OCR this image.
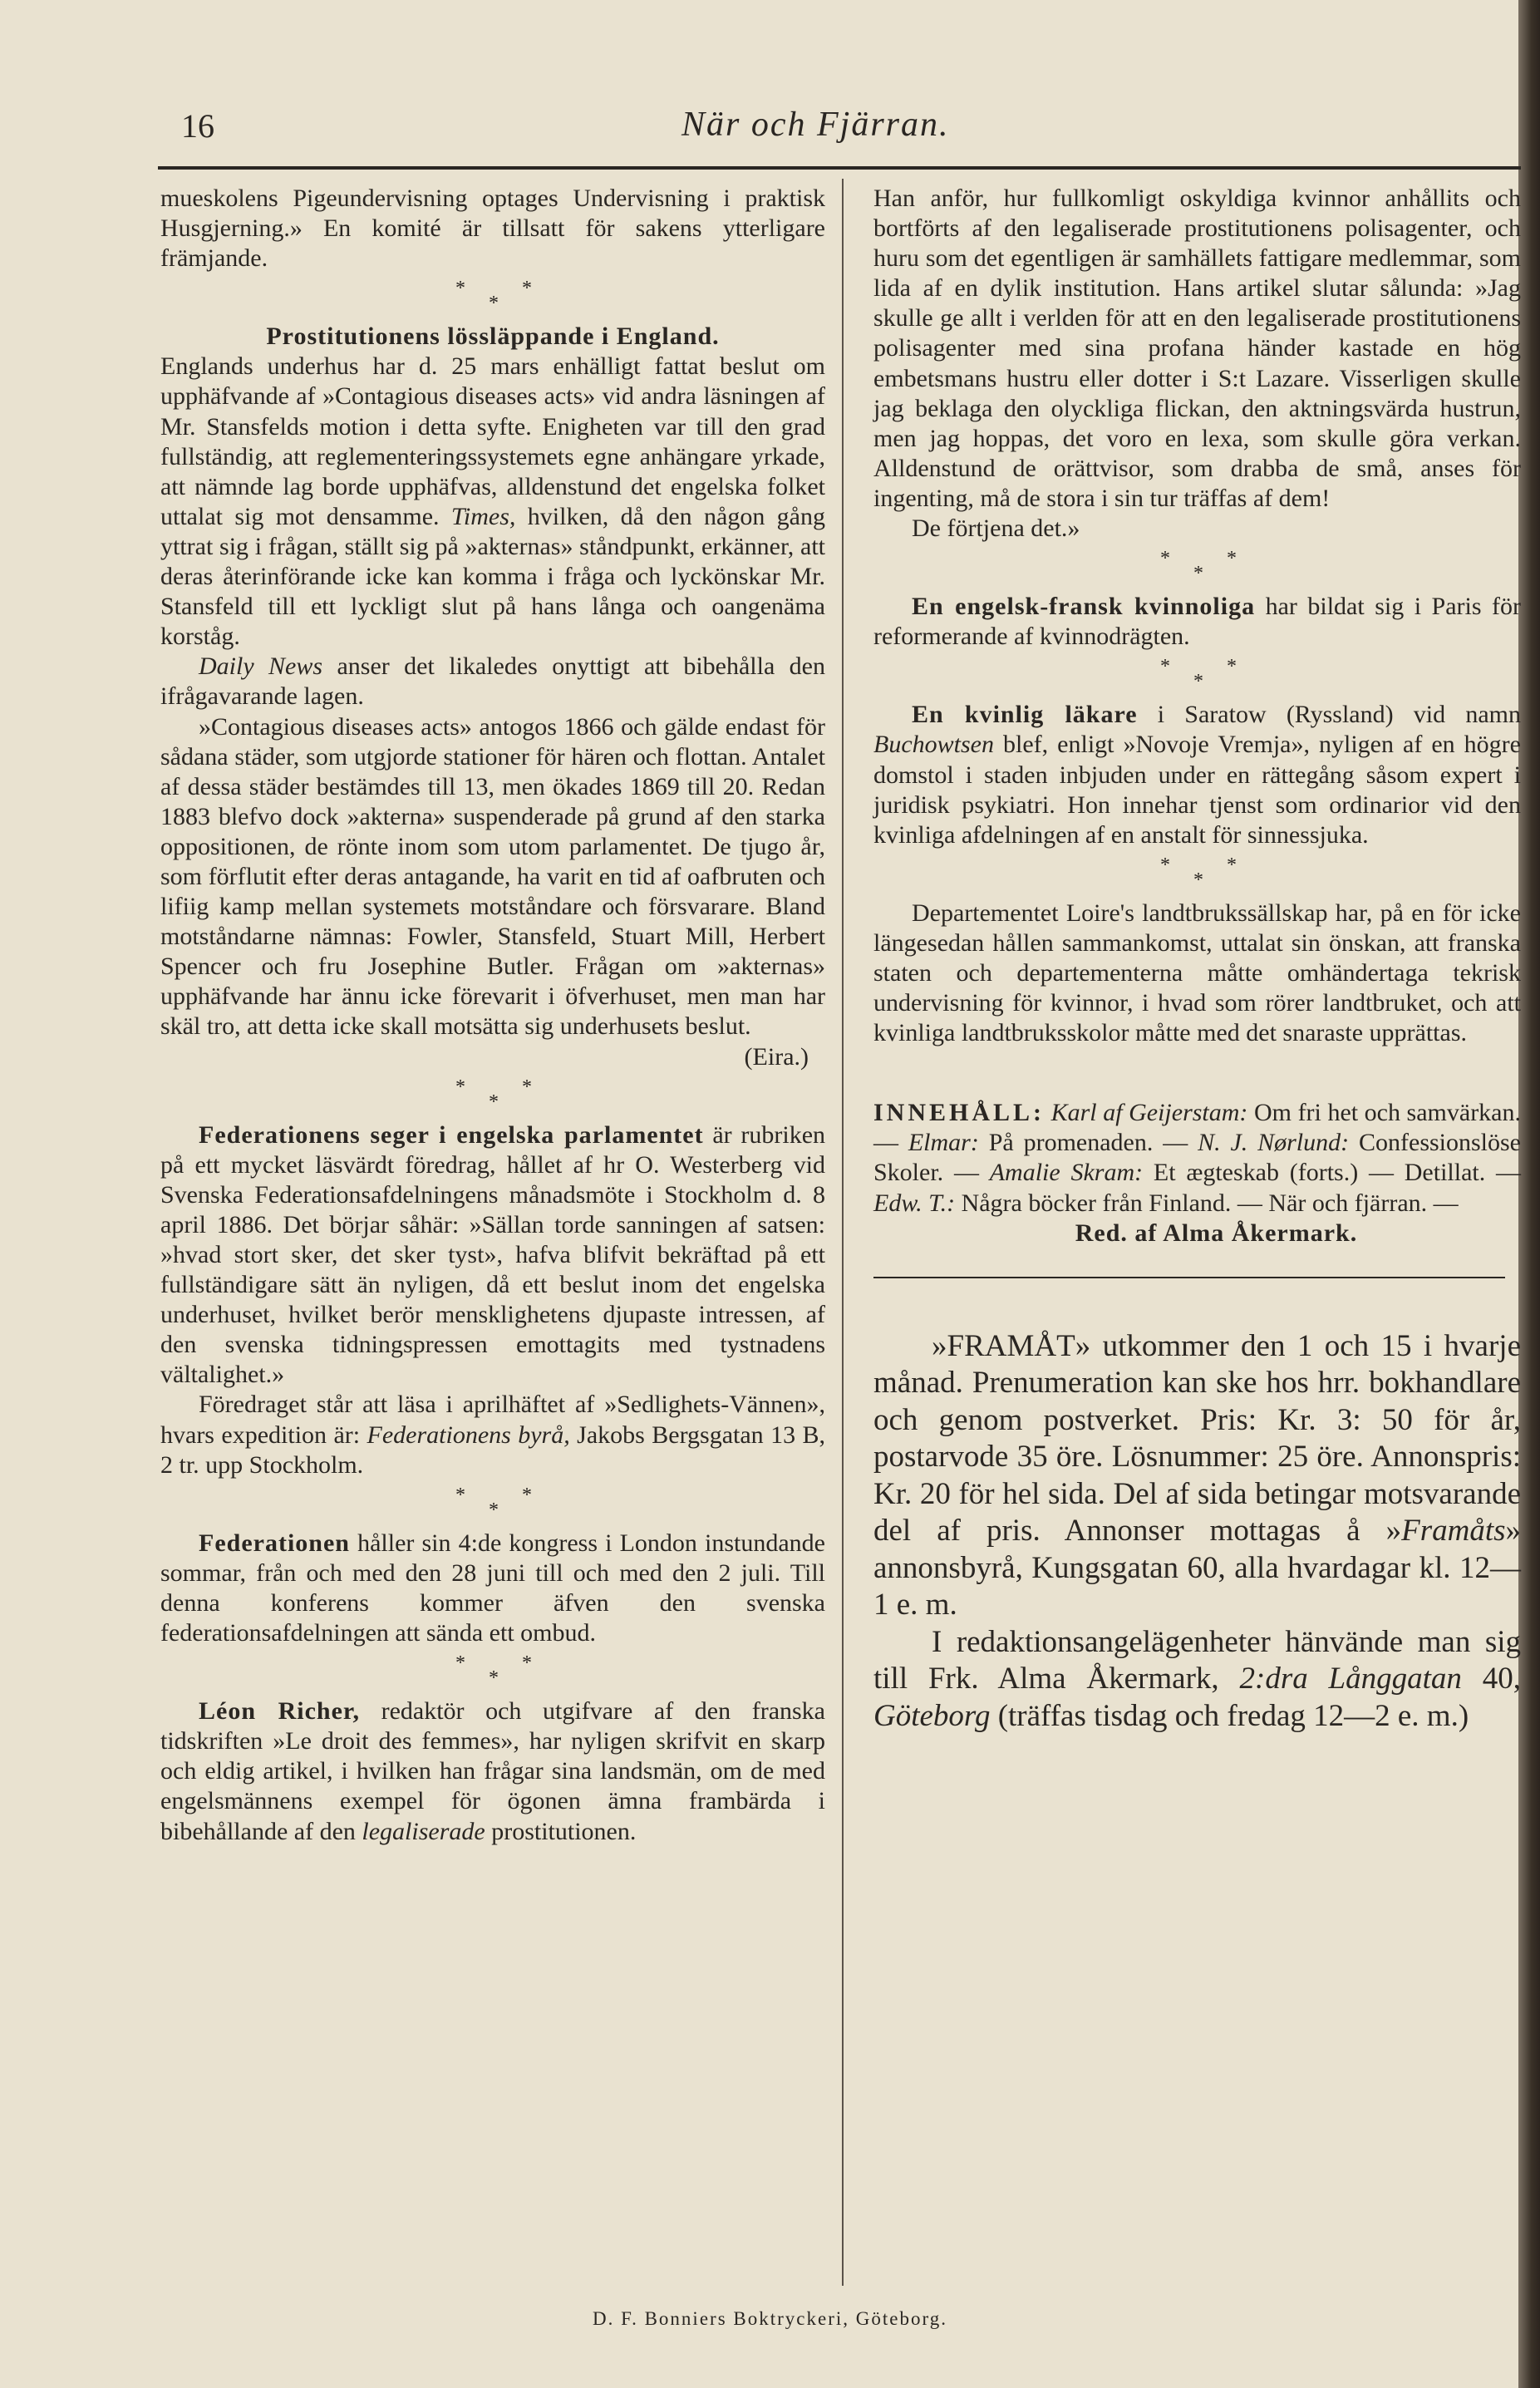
16	När och Fjärran.

mueskolens Pigeundervisning optages Undervisning i praktisk Husgjerning.» En komité är tillsatt för sakens ytterligare främjande.

*
*
*

Prostitutionens lössläppande i England.

Englands underhus har d. 25 mars enhälligt fattat beslut om upphäfvande af »Contagious diseases acts» vid andra läsningen af Mr. Stansfelds motion i detta syfte. Enigheten var till den grad fullständig, att reglementeringssystemets egne anhängare yrkade, att nämnde lag borde upphäfvas, alldenstund det engelska folket uttalat sig mot densamme. Times, hvilken, då den någon gång yttrat sig i frågan, ställt sig på »akternas» ståndpunkt, erkänner, att deras återinförande icke kan komma i fråga och lyckönskar Mr. Stansfeld till ett lyckligt slut på hans långa och oangenäma korståg.

Daily News anser det likaledes onyttigt att bibehålla den ifrågavarande lagen.

»Contagious diseases acts» antogos 1866 och gälde endast för sådana städer, som utgjorde stationer för hären och flottan. Antalet af dessa städer bestämdes till 13, men ökades 1869 till 20. Redan 1883 blefvo dock »akterna» suspenderade på grund af den starka oppositionen, de rönte inom som utom parlamentet. De tjugo år, som förflutit efter deras antagande, ha varit en tid af oafbruten och lifiig kamp mellan systemets motståndare och försvarare. Bland motståndarne nämnas: Fowler, Stansfeld, Stuart Mill, Herbert Spencer och fru Josephine Butler. Frågan om »akternas» upphäfvande har ännu icke förevarit i öfverhuset, men man har skäl tro, att detta icke skall motsätta sig underhusets beslut.

(Eira.)

*
*
*

Federationens seger i engelska parlamentet är rubriken på ett mycket läsvärdt föredrag, hållet af hr O. Westerberg vid Svenska Federationsafdelningens månadsmöte i Stockholm d. 8 april 1886. Det börjar såhär: »Sällan torde sanningen af satsen: »hvad stort sker, det sker tyst», hafva blifvit bekräftad på ett fullständigare sätt än nyligen, då ett beslut inom det engelska underhuset, hvilket berör mensklighetens djupaste intressen, af den svenska tidningspressen emottagits med tystnadens vältalighet.»

Föredraget står att läsa i aprilhäftet af »Sedlighets-Vännen», hvars expedition är: Federationens byrå, Jakobs Bergsgatan 13 B, 2 tr. upp Stockholm.

*
*
*

Federationen håller sin 4:de kongress i London instundande sommar, från och med den 28 juni till och med den 2 juli. Till denna konferens kommer äfven den svenska federationsafdelningen att sända ett ombud.

*
*
*

Léon Richer, redaktör och utgifvare af den franska tidskriften »Le droit des femmes», har nyligen skrifvit en skarp och eldig artikel, i hvilken han frågar sina landsmän, om de med engelsmännens exempel för ögonen ämna frambärda i bibehållande af den legaliserade prostitutionen.

Han anför, hur fullkomligt oskyldiga kvinnor anhållits och bortförts af den legaliserade prostitutionens polisagenter, och huru som det egentligen är samhällets fattigare medlemmar, som lida af en dylik institution. Hans artikel slutar sålunda: »Jag skulle ge allt i verlden för att en den legaliserade prostitutionens polisagenter med sina profana händer kastade en hög embetsmans hustru eller dotter i S:t Lazare. Visserligen skulle jag beklaga den olyckliga flickan, den aktningsvärda hustrun, men jag hoppas, det voro en lexa, som skulle göra verkan. Alldenstund de orättvisor, som drabba de små, anses för ingenting, må de stora i sin tur träffas af dem!

De förtjena det.»

*
*
*

En engelsk-fransk kvinnoliga har bildat sig i Paris för reformerande af kvinnodrägten.

*
*
*

En kvinlig läkare i Saratow (Ryssland) vid namn Buchowtsen blef, enligt »Novoje Vremja», nyligen af en högre domstol i staden inbjuden under en rättegång såsom expert i juridisk psykiatri. Hon innehar tjenst som ordinarior vid den kvinliga afdelningen af en anstalt för sinnessjuka.

*
*
*

Departementet Loire's landtbrukssällskap har, på en för icke längesedan hållen sammankomst, uttalat sin önskan, att franska staten och departementerna måtte omhändertaga tekrisk undervisning för kvinnor, i hvad som rörer landtbruket, och att kvinliga landtbruksskolor måtte med det snaraste upprättas.

INNEHÅLL: Karl af Geijerstam: Om fri het och samvärkan. — Elmar: På promenaden. — N. J. Nørlund: Confessionslöse Skoler. — Amalie Skram: Et ægteskab (forts.) — Detillat. — Edw. T.: Några böcker från Finland. — När och fjärran. —

Red. af Alma Åkermark.

»FRAMÅT» utkommer den 1 och 15 i hvarje månad. Prenumeration kan ske hos hrr. bokhandlare och genom postverket. Pris: Kr. 3: 50 för år, postarvode 35 öre. Lösnummer: 25 öre. Annonspris: Kr. 20 för hel sida. Del af sida betingar motsvarande del af pris. Annonser mottagas å »Framåts» annonsbyrå, Kungsgatan 60, alla hvardagar kl. 12—1 e. m.

I redaktionsangelägenheter hänvände man sig till Frk. Alma Åkermark, 2:dra Långgatan 40, Göteborg (träffas tisdag och fredag 12—2 e. m.)

D. F. Bonniers Boktryckeri, Göteborg.
